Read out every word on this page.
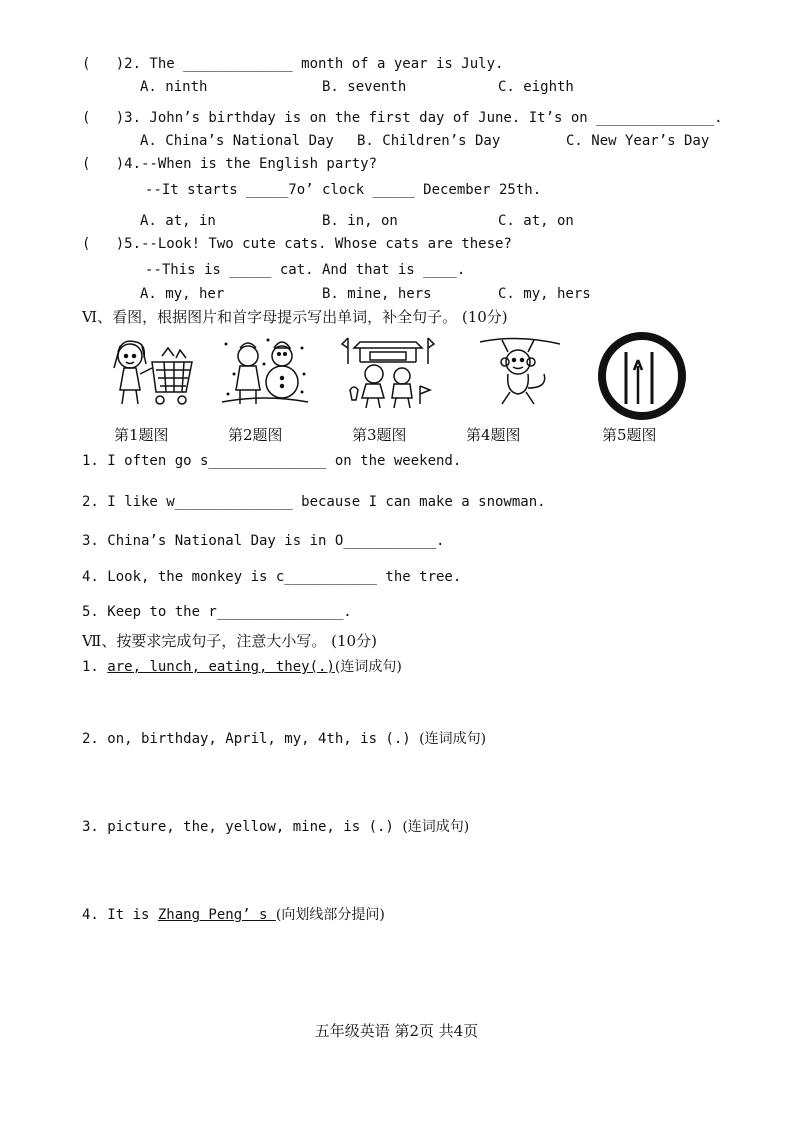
(   )2. The _____________ month of a year is July.
A. ninth	B. seventh	C. eighth
(   )3. John’s birthday is on the first day of June. It’s on ______________.
A. China’s National Day B. Children’s Day	C. New Year’s Day
(   )4.--When is the English party?
--It starts _____7o’ clock _____ December 25th.
A. at, in	B. in, on	C. at, on
(   )5.--Look! Two cute cats. Whose cats are these?
--This is _____ cat. And that is ____.
A. my, her	B. mine, hers	C. my, hers
Ⅵ、看图，根据图片和首字母提示写出单词，补全句子。 (10分)
第1题图	第2题图	第3题图	第4题图	第5题图
1. I often go s______________ on the weekend.
2. I like w______________ because I can make a snowman.
3. China’s National Day is in O___________.
4. Look, the monkey is c___________ the tree.
5. Keep to the r_______________.
Ⅶ、按要求完成句子，注意大小写。 (10分)
1. are, lunch, eating, they(.)(连词成句)
2. on, birthday, April, my, 4th, is (.) (连词成句)
3. picture, the, yellow, mine, is (.) (连词成句)
4. It is Zhang Peng’ s (向划线部分提问)
五年级英语 第2页 共4页
